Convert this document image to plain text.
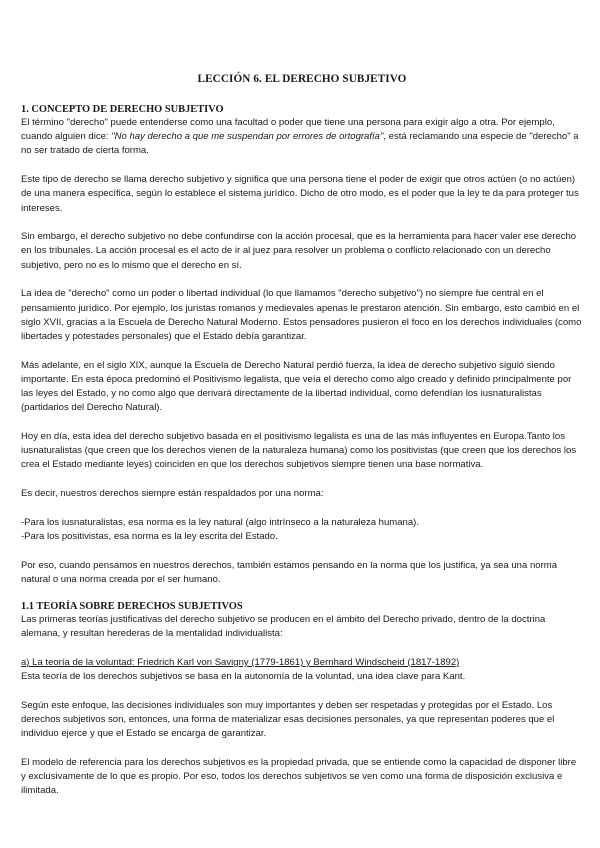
LECCIÓN 6. EL DERECHO SUBJETIVO
1. CONCEPTO DE DERECHO SUBJETIVO

El término "derecho" puede entenderse como una facultad o poder que tiene una persona para exigir algo a otra. Por ejemplo, cuando alguien dice: "No hay derecho a que me suspendan por errores de ortografía", está reclamando una especie de "derecho" a no ser tratado de cierta forma.

Este tipo de derecho se llama derecho subjetivo y significa que una persona tiene el poder de exigir que otros actúen (o no actúen) de una manera específica, según lo establece el sistema jurídico. Dicho de otro modo, es el poder que la ley te da para proteger tus intereses.

Sin embargo, el derecho subjetivo no debe confundirse con la acción procesal, que es la herramienta para hacer valer ese derecho en los tribunales. La acción procesal es el acto de ir al juez para resolver un problema o conflicto relacionado con un derecho subjetivo, pero no es lo mismo que el derecho en sí.

La idea de "derecho" como un poder o libertad individual (lo que llamamos "derecho subjetivo") no siempre fue central en el pensamiento jurídico. Por ejemplo, los juristas romanos y medievales apenas le prestaron atención. Sin embargo, esto cambió en el siglo XVII, gracias a la Escuela de Derecho Natural Moderno. Estos pensadores pusieron el foco en los derechos individuales (como libertades y potestades personales) que el Estado debía garantizar.

Más adelante, en el siglo XIX, aunque la Escuela de Derecho Natural perdió fuerza, la idea de derecho subjetivo siguió siendo importante. En esta época predominó el Positivismo legalista, que veía el derecho como algo creado y definido principalmente por las leyes del Estado, y no como algo que derivará directamente de la libertad individual, como defendían los iusnaturalistas (partidarios del Derecho Natural).

Hoy en día, esta idea del derecho subjetivo basada en el positivismo legalista es una de las más influyentes en Europa.Tanto los iusnaturalistas (que creen que los derechos vienen de la naturaleza humana) como los positivistas (que creen que los derechos los crea el Estado mediante leyes) coinciden en que los derechos subjetivos siempre tienen una base normativa.

Es decir, nuestros derechos siempre están respaldados por una norma:

-Para los iusnaturalistas, esa norma es la ley natural (algo intrínseco a la naturaleza humana).

-Para los positivistas, esa norma es la ley escrita del Estado.

Por eso, cuando pensamos en nuestros derechos, también estamos pensando en la norma que los justifica, ya sea una norma natural o una norma creada por el ser humano.

1.1 TEORÍA SOBRE DERECHOS SUBJETIVOS

Las primeras teorías justificativas del derecho subjetivo se producen en el ámbito del Derecho privado, dentro de la doctrina alemana, y resultan herederas de la mentalidad individualista:

a) La teoría de la voluntad: Friedrich Karl von Savigny (1779-1861) y Bernhard Windscheid (1817-1892)

Esta teoría de los derechos subjetivos se basa en la autonomía de la voluntad, una idea clave para Kant.

Según este enfoque, las decisiones individuales son muy importantes y deben ser respetadas y protegidas por el Estado. Los derechos subjetivos son, entonces, una forma de materializar esas decisiones personales, ya que representan poderes que el individuo ejerce y que el Estado se encarga de garantizar.

El modelo de referencia para los derechos subjetivos es la propiedad privada, que se entiende como la capacidad de disponer libre y exclusivamente de lo que es propio. Por eso, todos los derechos subjetivos se ven como una forma de disposición exclusiva e ilimitada.
